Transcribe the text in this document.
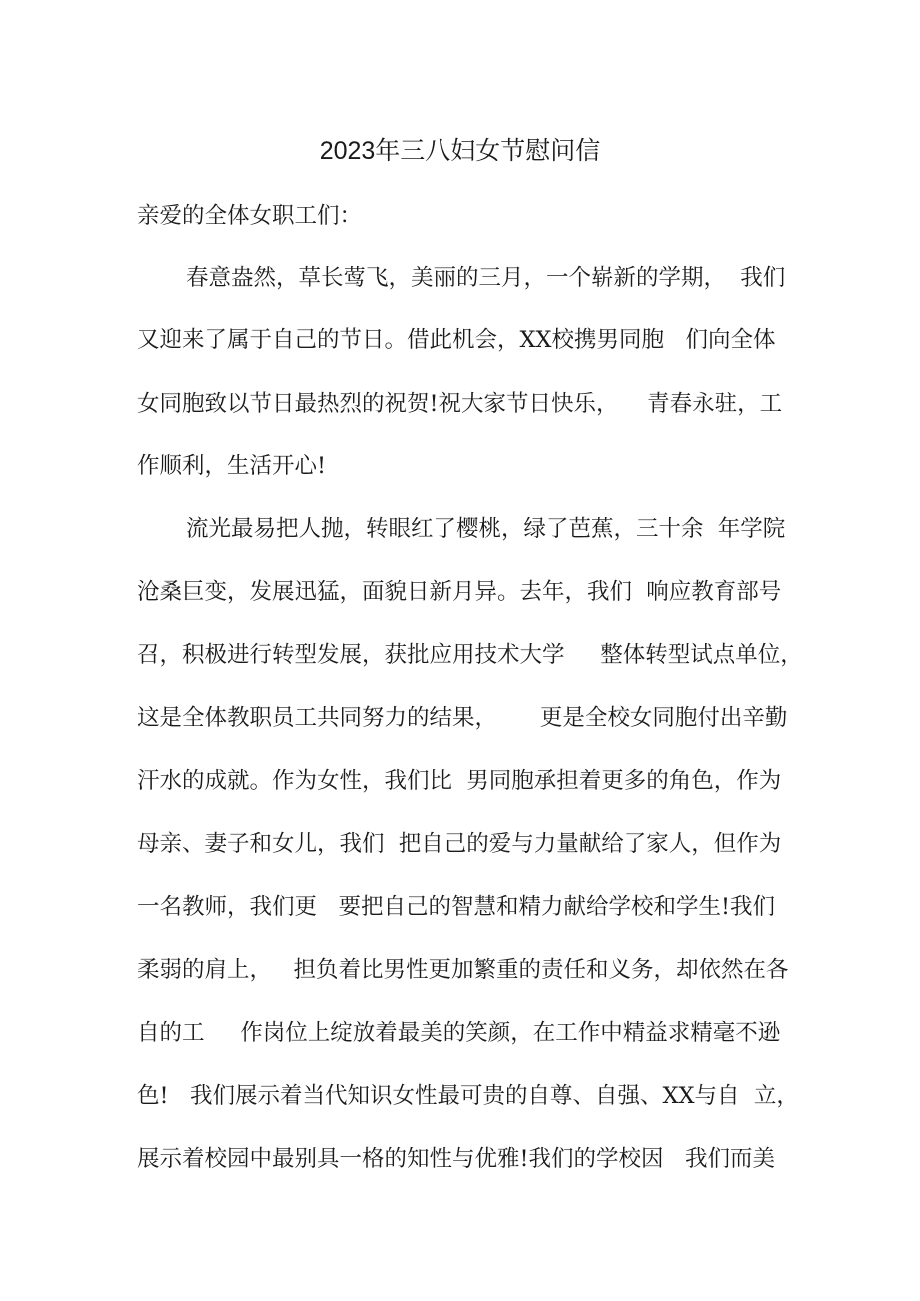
2023年三八妇女节慰问信
亲爱的全体女职工们：
春意盎然，草长莺飞，美丽的三月，一个崭新的学期，  我们
又迎来了属于自己的节日。借此机会，XX校携男同胞   们向全体
女同胞致以节日最热烈的祝贺!祝大家节日快乐，    青春永驻，工
作顺利，生活开心!
流光最易把人抛，转眼红了樱桃，绿了芭蕉，三十余  年学院
沧桑巨变，发展迅猛，面貌日新月异。去年，我们  响应教育部号
召，积极进行转型发展，获批应用技术大学     整体转型试点单位，
这是全体教职员工共同努力的结果，      更是全校女同胞付出辛勤
汗水的成就。作为女性，我们比  男同胞承担着更多的角色，作为
母亲、妻子和女儿，我们  把自己的爱与力量献给了家人，但作为
一名教师，我们更   要把自己的智慧和精力献给学校和学生!我们
柔弱的肩上，   担负着比男性更加繁重的责任和义务，却依然在各
自的工     作岗位上绽放着最美的笑颜，在工作中精益求精毫不逊
色!   我们展示着当代知识女性最可贵的自尊、自强、XX与自  立，
展示着校园中最别具一格的知性与优雅!我们的学校因   我们而美
